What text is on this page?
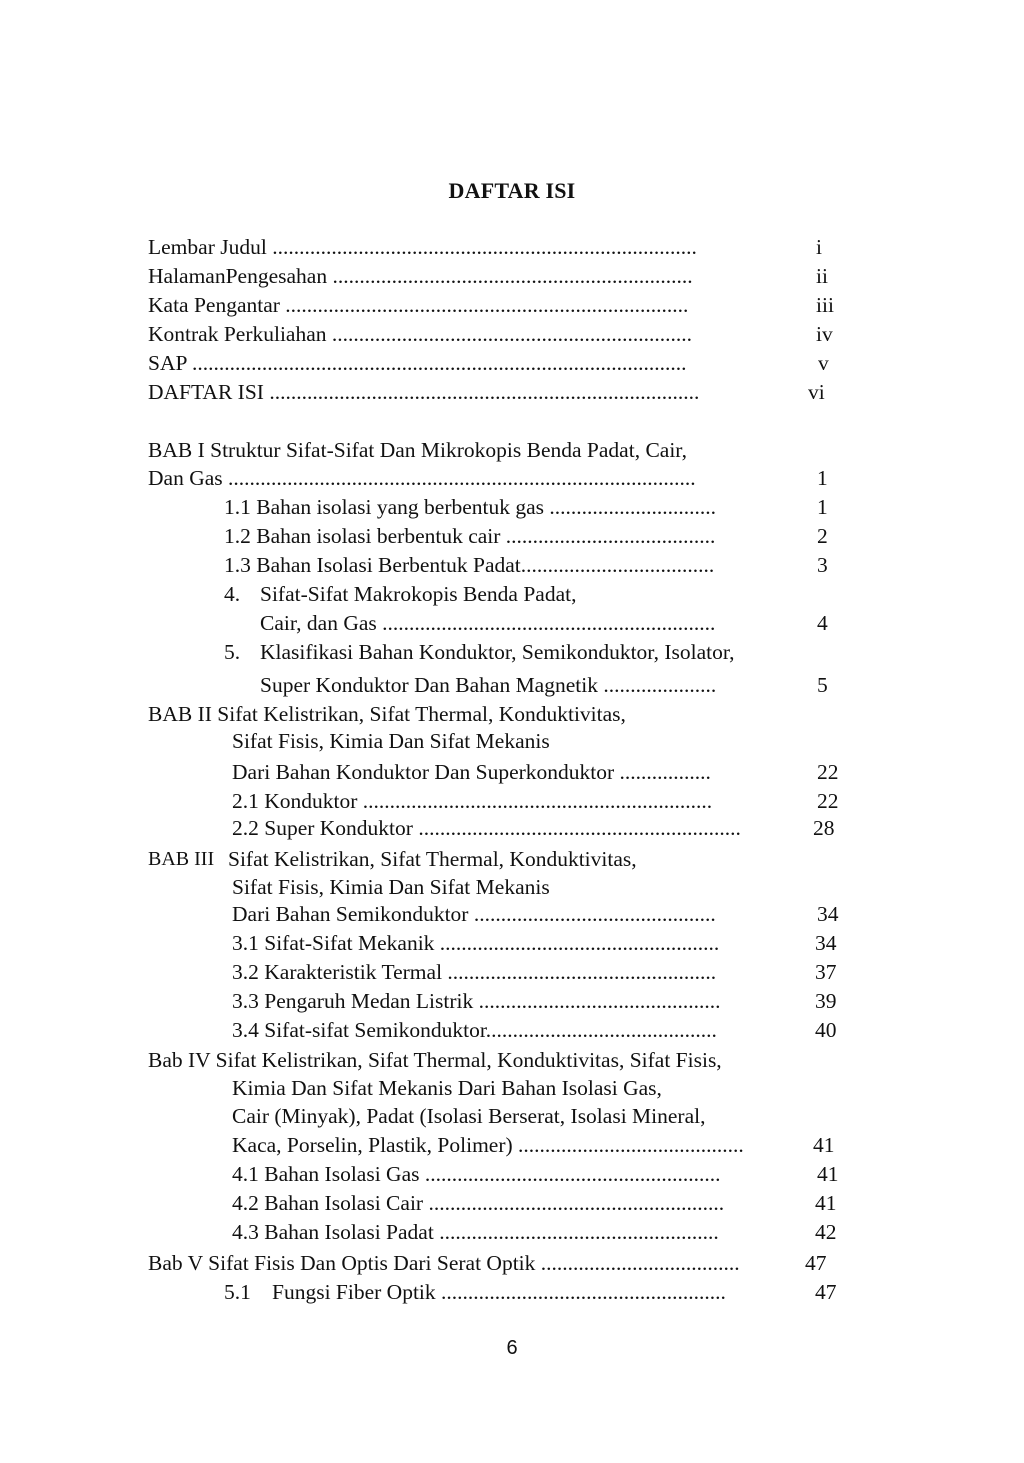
DAFTAR ISI
Lembar Judul ...............................................................................	i
HalamanPengesahan ...................................................................	ii
Kata Pengantar ...........................................................................	iii
Kontrak Perkuliahan ...................................................................	iv
SAP ............................................................................................	v
DAFTAR ISI ................................................................................	vi
BAB I Struktur Sifat-Sifat Dan Mikrokopis Benda Padat, Cair,
Dan Gas .......................................................................................	1
1.1 Bahan isolasi yang berbentuk gas ...............................	1
1.2 Bahan isolasi berbentuk cair .......................................	2
1.3 Bahan Isolasi Berbentuk Padat....................................	3
4. Sifat-Sifat Makrokopis Benda Padat,
Cair, dan Gas ..............................................................	4
5. Klasifikasi Bahan Konduktor, Semikonduktor, Isolator,
Super Konduktor Dan Bahan Magnetik .....................	5
BAB II Sifat Kelistrikan, Sifat Thermal, Konduktivitas,
Sifat Fisis, Kimia Dan Sifat Mekanis
Dari Bahan Konduktor Dan Superkonduktor .................	22
2.1 Konduktor .................................................................	22
2.2 Super Konduktor ............................................................	28
BAB III Sifat Kelistrikan, Sifat Thermal, Konduktivitas,
Sifat Fisis, Kimia Dan Sifat Mekanis
Dari Bahan Semikonduktor .............................................	34
3.1 Sifat-Sifat Mekanik ....................................................	34
3.2 Karakteristik Termal ..................................................	37
3.3 Pengaruh Medan Listrik .............................................	39
3.4 Sifat-sifat Semikonduktor...........................................	40
Bab IV Sifat Kelistrikan, Sifat Thermal, Konduktivitas, Sifat Fisis,
Kimia Dan Sifat Mekanis Dari Bahan Isolasi Gas,
Cair (Minyak), Padat (Isolasi Berserat, Isolasi Mineral,
Kaca, Porselin, Plastik, Polimer) ..........................................	41
4.1 Bahan Isolasi Gas .......................................................	41
4.2 Bahan Isolasi Cair .......................................................	41
4.3 Bahan Isolasi Padat ....................................................	42
Bab V Sifat Fisis Dan Optis Dari Serat Optik .....................................	47
5.1 Fungsi Fiber Optik .....................................................	47
6
